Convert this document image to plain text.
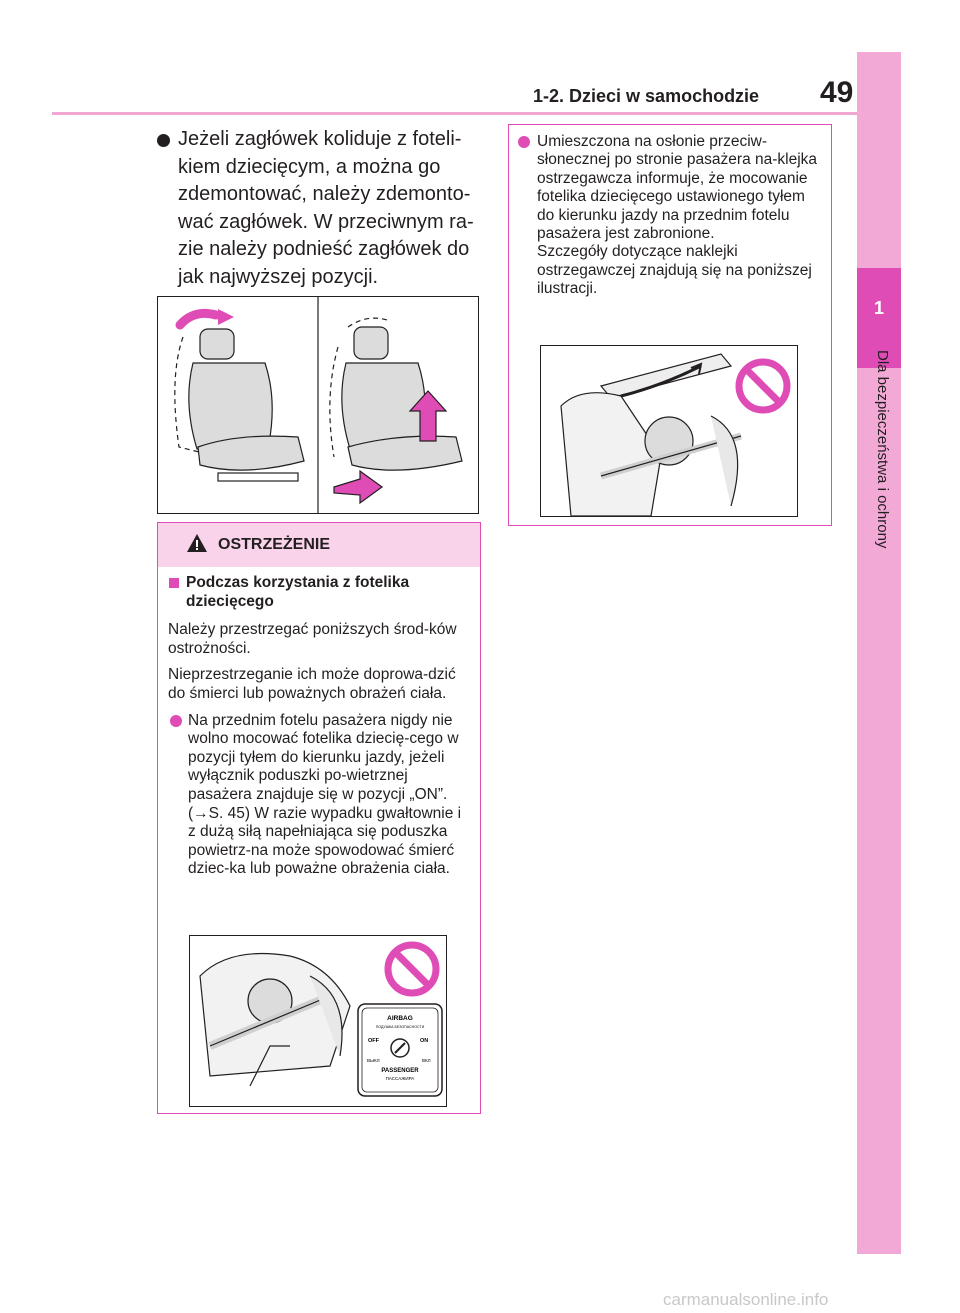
1-2. Dzieci w samochodzie 49
1
Dla bezpieczeństwa i ochrony
Jeżeli zagłówek koliduje z foteli-kiem dziecięcym, a można go zdemontować, należy zdemonto-wać zagłówek. W przeciwnym ra-zie należy podnieść zagłówek do jak najwyższej pozycji.
OSTRZEŻENIE
Podczas korzystania z fotelika dziecięcego
Należy przestrzegać poniższych środ-ków ostrożności.
Nieprzestrzeganie ich może doprowa-dzić do śmierci lub poważnych obrażeń ciała.
Na przednim fotelu pasażera nigdy nie wolno mocować fotelika dziecię-cego w pozycji tyłem do kierunku jazdy, jeżeli wyłącznik poduszki po-wietrznej pasażera znajduje się w pozycji „ON”. (→S. 45) W razie wypadku gwałtownie i z dużą siłą napełniająca się poduszka powietrz-na może spowodować śmierć dziec-ka lub poważne obrażenia ciała.
AIRBAG
ПОДУШКА БЕЗОПАСНОСТИ
OFF	ON
ВЫКЛ	ВКЛ
PASSENGER
ПАССАЖИРА
Umieszczona na osłonie przeciw-słonecznej po stronie pasażera na-klejka ostrzegawcza informuje, że mocowanie fotelika dziecięcego ustawionego tyłem do kierunku jazdy na przednim fotelu pasażera jest zabronione.
Szczegóły dotyczące naklejki ostrzegawczej znajdują się na poniższej ilustracji.
carmanualsonline.info
